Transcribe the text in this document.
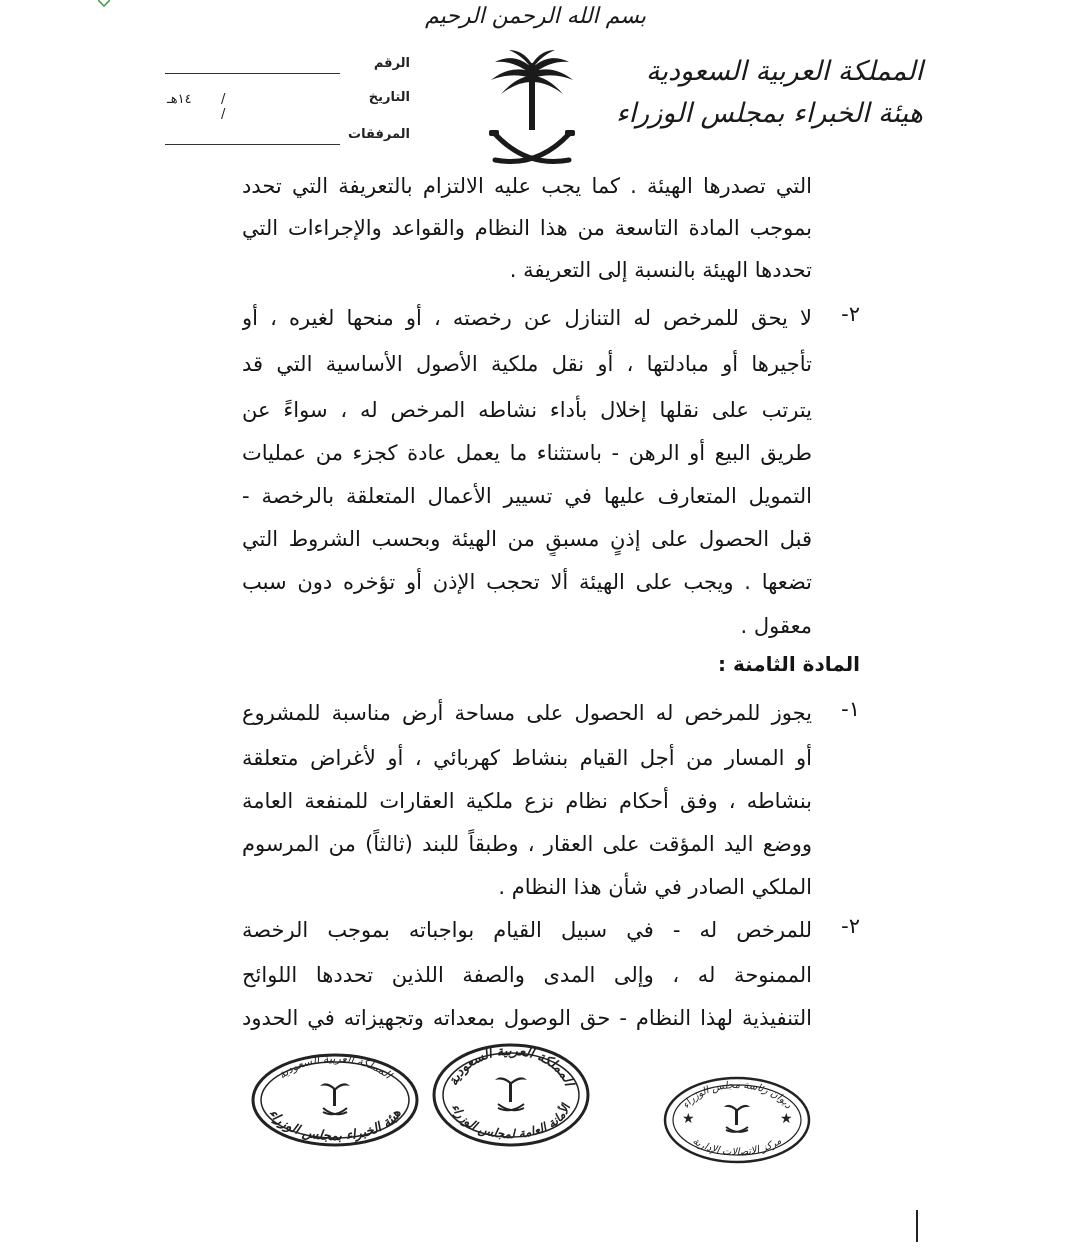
بسم الله الرحمن الرحيم
المملكة العربية السعودية
هيئة الخبراء بمجلس الوزراء
الرقم
التاريخ
١٤هـ / /
المرفقات
التي تصدرها الهيئة . كما يجب عليه الالتزام بالتعريفة التي تحدد
بموجب المادة التاسعة من هذا النظام والقواعد والإجراءات التي
تحددها الهيئة بالنسبة إلى التعريفة .
٢-
لا يحق للمرخص له التنازل عن رخصته ، أو منحها لغيره ، أو
تأجيرها أو مبادلتها ، أو نقل ملكية الأصول الأساسية التي قد
يترتب على نقلها إخلال بأداء نشاطه المرخص له ، سواءً عن
طريق البيع أو الرهن - باستثناء ما يعمل عادة كجزء من عمليات
التمويل المتعارف عليها في تسيير الأعمال المتعلقة بالرخصة -
قبل الحصول على إذنٍ مسبقٍ من الهيئة وبحسب الشروط التي
تضعها . ويجب على الهيئة ألا تحجب الإذن أو تؤخره دون سبب
معقول .
المادة الثامنة :
١-
يجوز للمرخص له الحصول على مساحة أرض مناسبة للمشروع
أو المسار من أجل القيام بنشاط كهربائي ، أو لأغراض متعلقة
بنشاطه ، وفق أحكام نظام نزع ملكية العقارات للمنفعة العامة
ووضع اليد المؤقت على العقار ، وطبقاً للبند (ثالثاً) من المرسوم
الملكي الصادر في شأن هذا النظام .
٢-
للمرخص له - في سبيل القيام بواجباته بموجب الرخصة
الممنوحة له ، وإلى المدى والصفة اللذين تحددها اللوائح
التنفيذية لهذا النظام - حق الوصول بمعداته وتجهيزاته في الحدود
المملكة العربية السعودية
هيئة الخبراء بمجلس الوزراء
المملكة العربية السعودية
الأمانة العامة لمجلس الوزراء	ديوان رئاسة مجلس الوزراء
مركز الاتصالات الإدارية
★	★
